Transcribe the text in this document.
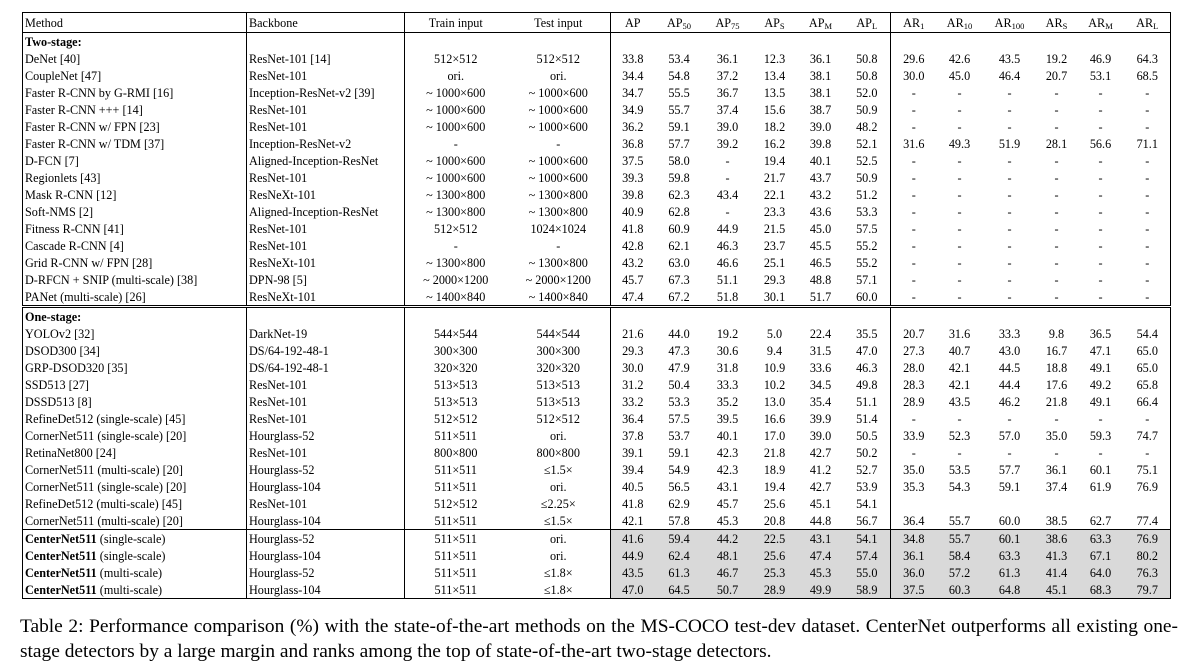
Method	Backbone	Train input	Test input	AP	$AP_{50}$	$AP_{75}$	$AP_S$	$AP_M$	$AP_L$	$AR_1$	$AR_{10}$	$AR_{100}$	$AR_S$	$AR_M$	$AR_L$
Two-stage:															
DeNet [40]	ResNet-101 [14]	512×512	512×512	33.8	53.4	36.1	12.3	36.1	50.8	29.6	42.6	43.5	19.2	46.9	64.3
CoupleNet [47]	ResNet-101	ori.	ori.	34.4	54.8	37.2	13.4	38.1	50.8	30.0	45.0	46.4	20.7	53.1	68.5
Faster R-CNN by G-RMI [16]	Inception-ResNet-v2 [39]	~ 1000×600	~ 1000×600	34.7	55.5	36.7	13.5	38.1	52.0	-	-	-	-	-	-
Faster R-CNN +++ [14]	ResNet-101	~ 1000×600	~ 1000×600	34.9	55.7	37.4	15.6	38.7	50.9	-	-	-	-	-	-
Faster R-CNN w/ FPN [23]	ResNet-101	~ 1000×600	~ 1000×600	36.2	59.1	39.0	18.2	39.0	48.2	-	-	-	-	-	-
Faster R-CNN w/ TDM [37]	Inception-ResNet-v2	-	-	36.8	57.7	39.2	16.2	39.8	52.1	31.6	49.3	51.9	28.1	56.6	71.1
D-FCN [7]	Aligned-Inception-ResNet	~ 1000×600	~ 1000×600	37.5	58.0	-	19.4	40.1	52.5	-	-	-	-	-	-
Regionlets [43]	ResNet-101	~ 1000×600	~ 1000×600	39.3	59.8	-	21.7	43.7	50.9	-	-	-	-	-	-
Mask R-CNN [12]	ResNeXt-101	~ 1300×800	~ 1300×800	39.8	62.3	43.4	22.1	43.2	51.2	-	-	-	-	-	-
Soft-NMS [2]	Aligned-Inception-ResNet	~ 1300×800	~ 1300×800	40.9	62.8	-	23.3	43.6	53.3	-	-	-	-	-	-
Fitness R-CNN [41]	ResNet-101	512×512	1024×1024	41.8	60.9	44.9	21.5	45.0	57.5	-	-	-	-	-	-
Cascade R-CNN [4]	ResNet-101	-	-	42.8	62.1	46.3	23.7	45.5	55.2	-	-	-	-	-	-
Grid R-CNN w/ FPN [28]	ResNeXt-101	~ 1300×800	~ 1300×800	43.2	63.0	46.6	25.1	46.5	55.2	-	-	-	-	-	-
D-RFCN + SNIP (multi-scale) [38]	DPN-98 [5]	~ 2000×1200	~ 2000×1200	45.7	67.3	51.1	29.3	48.8	57.1	-	-	-	-	-	-
PANet (multi-scale) [26]	ResNeXt-101	~ 1400×840	~ 1400×840	47.4	67.2	51.8	30.1	51.7	60.0	-	-	-	-	-	-
One-stage:															
YOLOv2 [32]	DarkNet-19	544×544	544×544	21.6	44.0	19.2	5.0	22.4	35.5	20.7	31.6	33.3	9.8	36.5	54.4
DSOD300 [34]	DS/64-192-48-1	300×300	300×300	29.3	47.3	30.6	9.4	31.5	47.0	27.3	40.7	43.0	16.7	47.1	65.0
GRP-DSOD320 [35]	DS/64-192-48-1	320×320	320×320	30.0	47.9	31.8	10.9	33.6	46.3	28.0	42.1	44.5	18.8	49.1	65.0
SSD513 [27]	ResNet-101	513×513	513×513	31.2	50.4	33.3	10.2	34.5	49.8	28.3	42.1	44.4	17.6	49.2	65.8
DSSD513 [8]	ResNet-101	513×513	513×513	33.2	53.3	35.2	13.0	35.4	51.1	28.9	43.5	46.2	21.8	49.1	66.4
RefineDet512 (single-scale) [45]	ResNet-101	512×512	512×512	36.4	57.5	39.5	16.6	39.9	51.4	-	-	-	-	-	-
CornerNet511 (single-scale) [20]	Hourglass-52	511×511	ori.	37.8	53.7	40.1	17.0	39.0	50.5	33.9	52.3	57.0	35.0	59.3	74.7
RetinaNet800 [24]	ResNet-101	800×800	800×800	39.1	59.1	42.3	21.8	42.7	50.2	-	-	-	-	-	-
CornerNet511 (multi-scale) [20]	Hourglass-52	511×511	≤1.5×	39.4	54.9	42.3	18.9	41.2	52.7	35.0	53.5	57.7	36.1	60.1	75.1
CornerNet511 (single-scale) [20]	Hourglass-104	511×511	ori.	40.5	56.5	43.1	19.4	42.7	53.9	35.3	54.3	59.1	37.4	61.9	76.9
RefineDet512 (multi-scale) [45]	ResNet-101	512×512	≤2.25×	41.8	62.9	45.7	25.6	45.1	54.1						
CornerNet511 (multi-scale) [20]	Hourglass-104	511×511	≤1.5×	42.1	57.8	45.3	20.8	44.8	56.7	36.4	55.7	60.0	38.5	62.7	77.4
CenterNet511 (single-scale)	Hourglass-52	511×511	ori.	41.6	59.4	44.2	22.5	43.1	54.1	34.8	55.7	60.1	38.6	63.3	76.9
CenterNet511 (single-scale)	Hourglass-104	511×511	ori.	44.9	62.4	48.1	25.6	47.4	57.4	36.1	58.4	63.3	41.3	67.1	80.2
CenterNet511 (multi-scale)	Hourglass-52	511×511	≤1.8×	43.5	61.3	46.7	25.3	45.3	55.0	36.0	57.2	61.3	41.4	64.0	76.3
CenterNet511 (multi-scale)	Hourglass-104	511×511	≤1.8×	47.0	64.5	50.7	28.9	49.9	58.9	37.5	60.3	64.8	45.1	68.3	79.7
Table 2: Performance comparison (%) with the state-of-the-art methods on the MS-COCO test-dev dataset. CenterNet outperforms all existing one-stage detectors by a large margin and ranks among the top of state-of-the-art two-stage detectors.
